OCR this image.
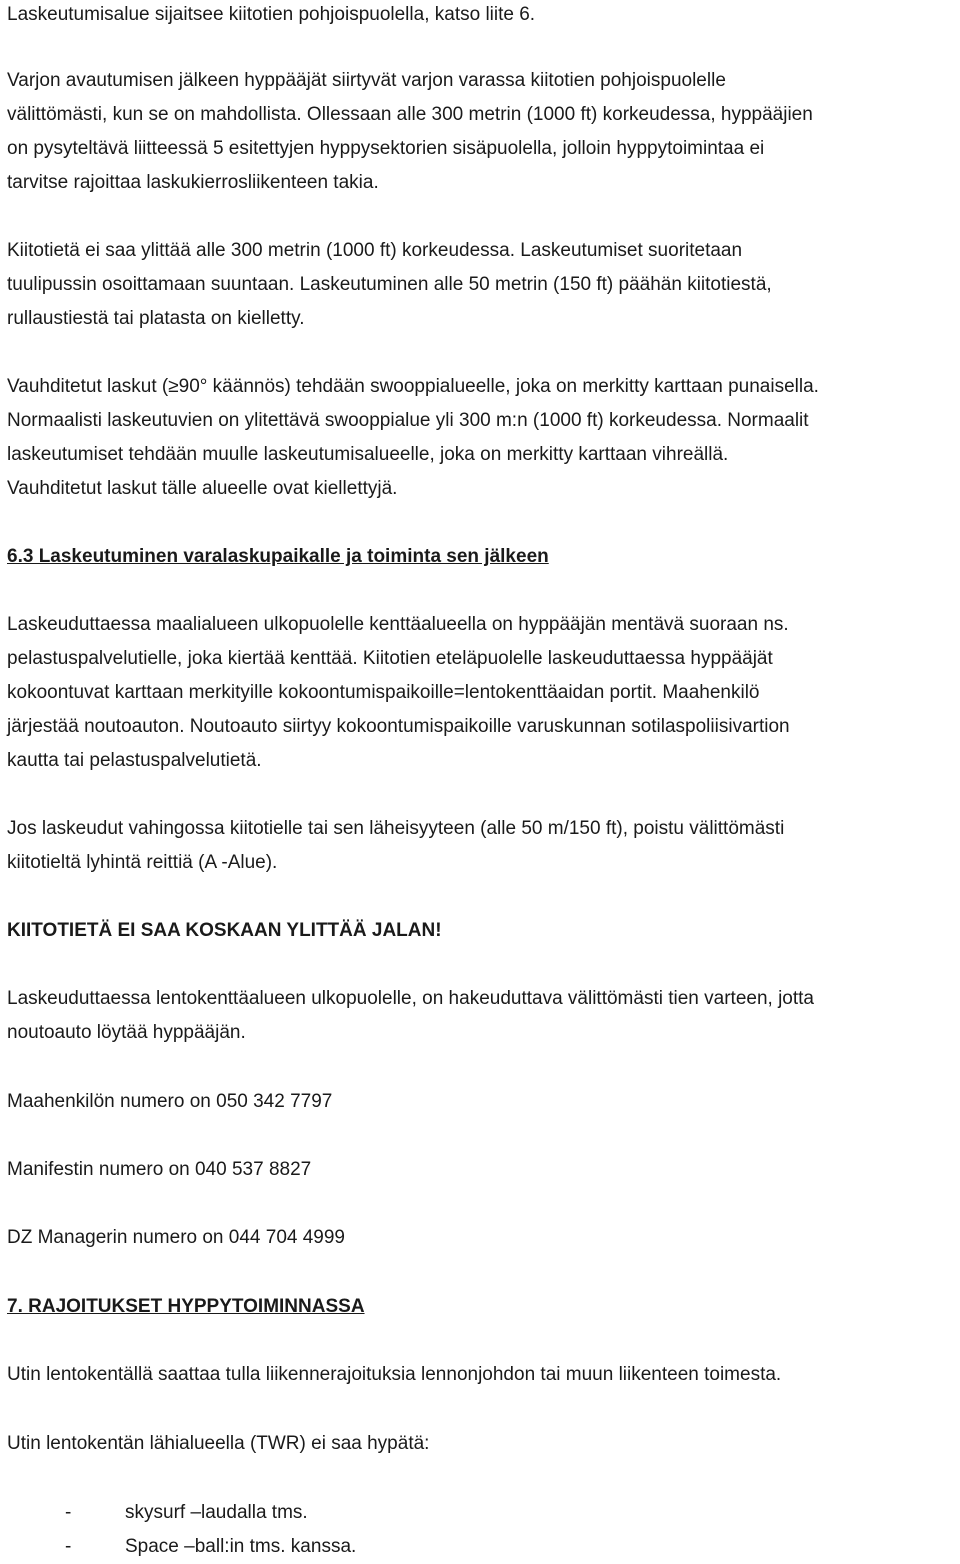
Laskeutumisalue sijaitsee kiitotien pohjoispuolella, katso liite 6.

Varjon avautumisen jälkeen hyppääjät siirtyvät varjon varassa kiitotien pohjoispuolelle
välittömästi, kun se on mahdollista. Ollessaan alle 300 metrin (1000 ft) korkeudessa, hyppääjien
on pysyteltävä liitteessä 5 esitettyjen hyppysektorien sisäpuolella, jolloin hyppytoimintaa ei
tarvitse rajoittaa laskukierrosliikenteen takia.

Kiitotietä ei saa ylittää alle 300 metrin (1000 ft) korkeudessa. Laskeutumiset suoritetaan
tuulipussin osoittamaan suuntaan. Laskeutuminen alle 50 metrin (150 ft) päähän kiitotiestä,
rullaustiestä tai platasta on kielletty.

Vauhditetut laskut (≥90° käännös) tehdään swooppialueelle, joka on merkitty karttaan punaisella.
Normaalisti laskeutuvien on ylitettävä swooppialue yli 300 m:n (1000 ft) korkeudessa. Normaalit
laskeutumiset tehdään muulle laskeutumisalueelle, joka on merkitty karttaan vihreällä.
Vauhditetut laskut tälle alueelle ovat kiellettyjä.

6.3 Laskeutuminen varalaskupaikalle ja toiminta sen jälkeen

Laskeuduttaessa maalialueen ulkopuolelle kenttäalueella on hyppääjän mentävä suoraan ns.
pelastuspalvelutielle, joka kiertää kenttää. Kiitotien eteläpuolelle laskeuduttaessa hyppääjät
kokoontuvat karttaan merkityille kokoontumispaikoille=lentokenttäaidan portit. Maahenkilö
järjestää noutoauton. Noutoauto siirtyy kokoontumispaikoille varuskunnan sotilaspoliisivartion
kautta tai pelastuspalvelutietä.

Jos laskeudut vahingossa kiitotielle tai sen läheisyyteen (alle 50 m/150 ft), poistu välittömästi
kiitotieltä lyhintä reittiä (A -Alue).

KIITOTIETÄ EI SAA KOSKAAN YLITTÄÄ JALAN!

Laskeuduttaessa lentokenttäalueen ulkopuolelle, on hakeuduttava välittömästi tien varteen, jotta
noutoauto löytää hyppääjän.

Maahenkilön numero on 050 342 7797

Manifestin numero on 040 537 8827

DZ Managerin numero on 044 704 4999

7. RAJOITUKSET HYPPYTOIMINNASSA

Utin lentokentällä saattaa tulla liikennerajoituksia lennonjohdon tai muun liikenteen toimesta.

Utin lentokentän lähialueella (TWR) ei saa hypätä:

-	skysurf –laudalla tms.
-	Space –ball:in tms. kanssa.
